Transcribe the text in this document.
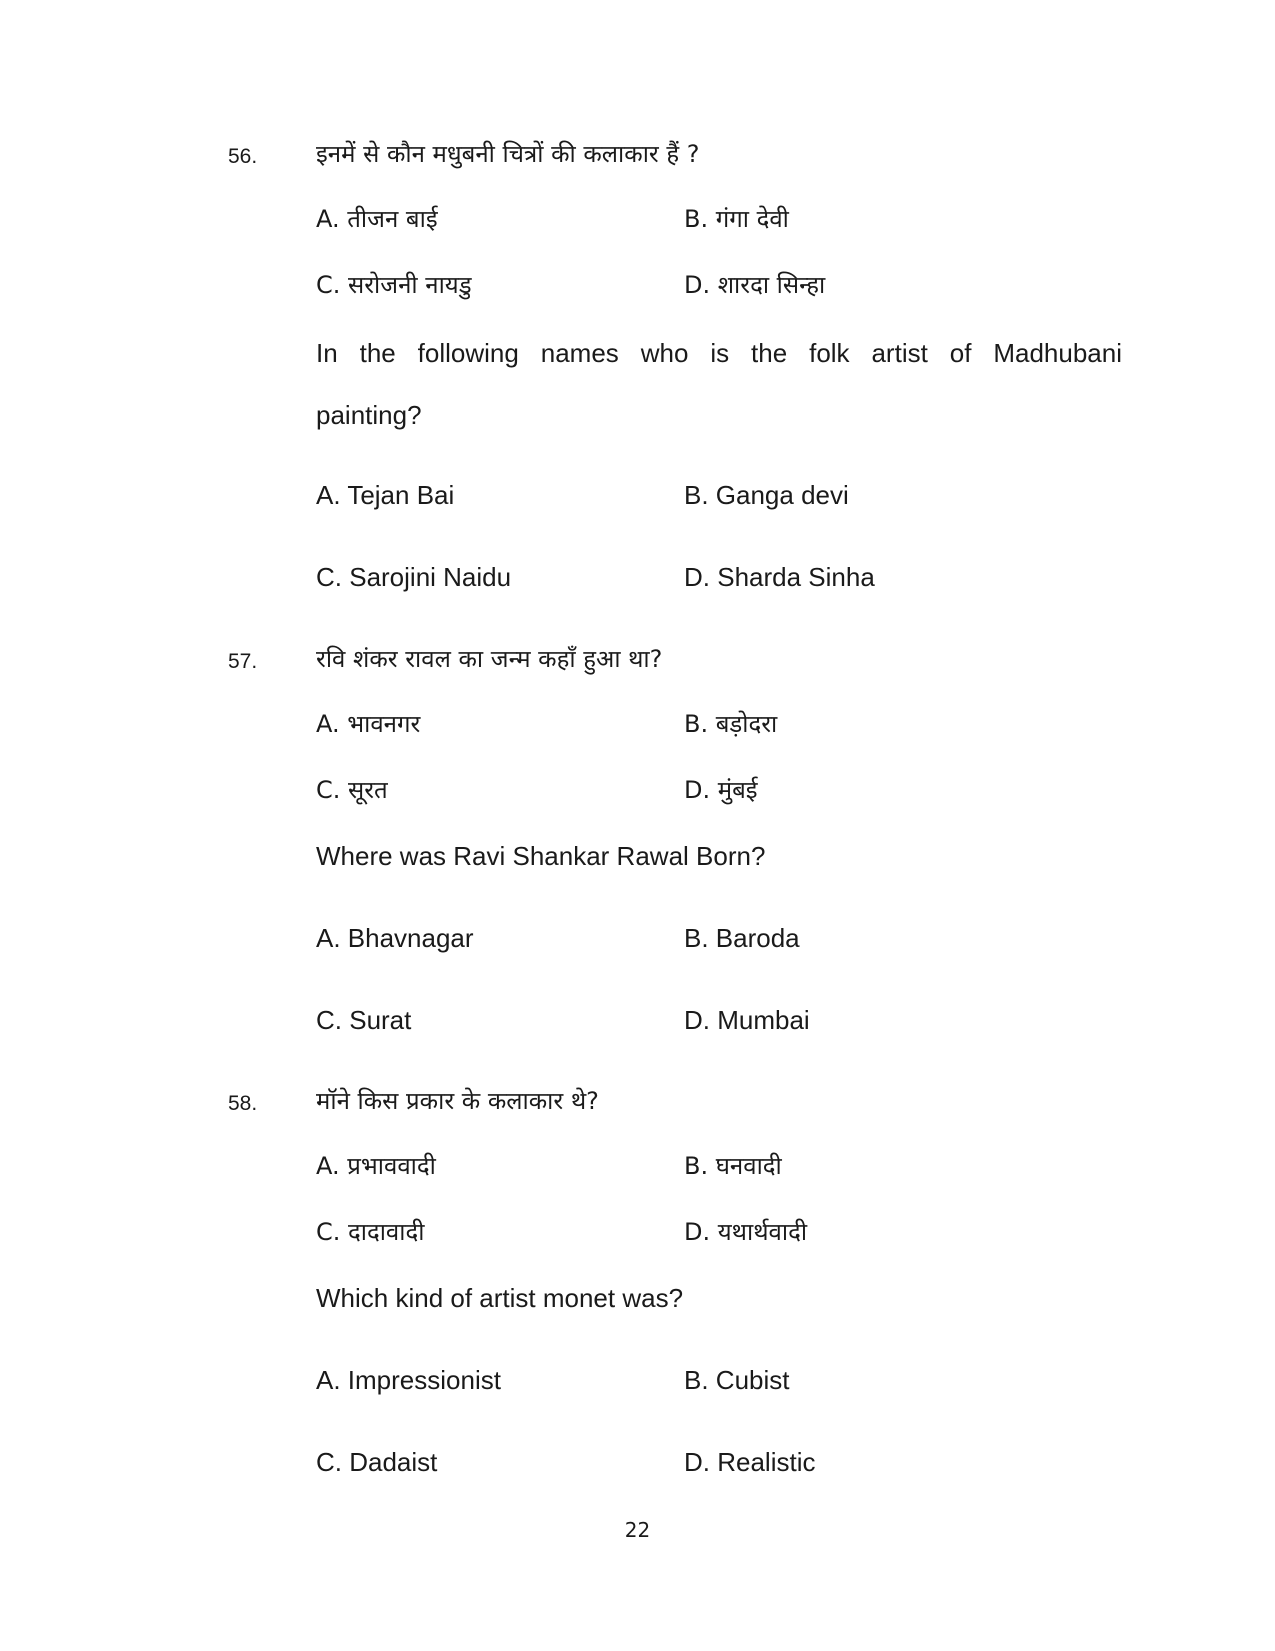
56. इनमें से कौन मधुबनी चित्रों की कलाकार हैं ?
A. तीजन बाई	B. गंगा देवी
C. सरोजनी नायडु	D. शारदा सिन्हा
In the following names who is the folk artist of Madhubani painting?
A. Tejan Bai	B. Ganga devi
C. Sarojini Naidu	D. Sharda Sinha
57. रवि शंकर रावल का जन्म कहाँ हुआ था?
A. भावनगर	B. बड़ोदरा
C. सूरत	D. मुंबई
Where was Ravi Shankar Rawal Born?
A. Bhavnagar	B. Baroda
C. Surat	D. Mumbai
58. मॉने किस प्रकार के कलाकार थे?
A. प्रभाववादी	B. घनवादी
C. दादावादी	D. यथार्थवादी
Which kind of artist monet was?
A. Impressionist	B. Cubist
C. Dadaist	D. Realistic
22
